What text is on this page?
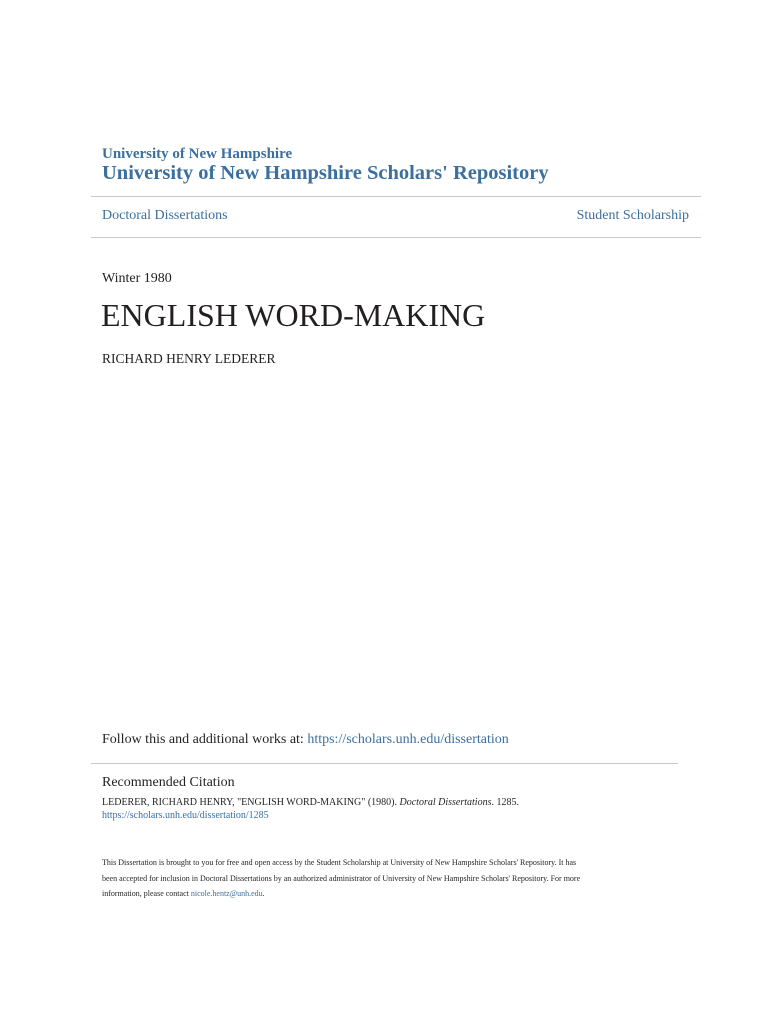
University of New Hampshire
University of New Hampshire Scholars' Repository
Doctoral Dissertations	Student Scholarship
Winter 1980
ENGLISH WORD-MAKING
RICHARD HENRY LEDERER
Follow this and additional works at: https://scholars.unh.edu/dissertation
Recommended Citation
LEDERER, RICHARD HENRY, "ENGLISH WORD-MAKING" (1980). Doctoral Dissertations. 1285.
https://scholars.unh.edu/dissertation/1285
This Dissertation is brought to you for free and open access by the Student Scholarship at University of New Hampshire Scholars' Repository. It has
been accepted for inclusion in Doctoral Dissertations by an authorized administrator of University of New Hampshire Scholars' Repository. For more
information, please contact nicole.hentz@unh.edu.
